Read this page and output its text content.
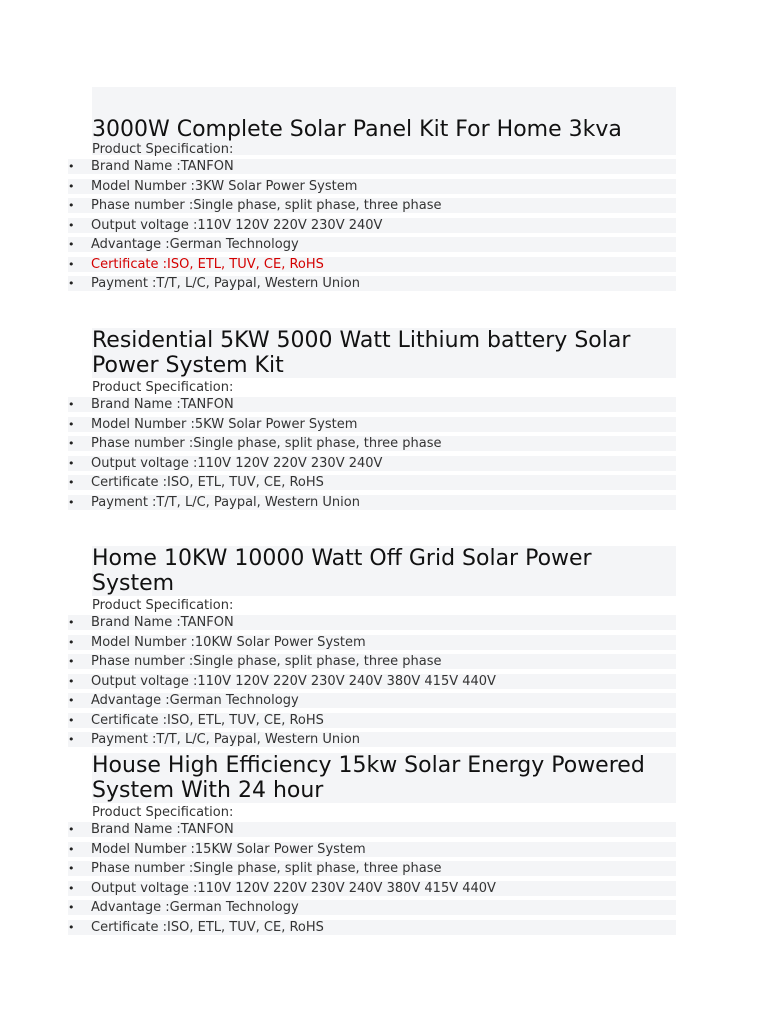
3000W Complete Solar Panel Kit For Home 3kva
Product Specification:
•	Brand Name :TANFON
•	Model Number :3KW Solar Power System
•	Phase number :Single phase, split phase, three phase
•	Output voltage :110V 120V 220V 230V 240V
•	Advantage :German Technology
•	Certificate :ISO, ETL, TUV, CE, RoHS
•	Payment :T/T, L/C, Paypal, Western Union
Residential 5KW 5000 Watt Lithium battery Solar Power System Kit
Product Specification:
•	Brand Name :TANFON
•	Model Number :5KW Solar Power System
•	Phase number :Single phase, split phase, three phase
•	Output voltage :110V 120V 220V 230V 240V
•	Certificate :ISO, ETL, TUV, CE, RoHS
•	Payment :T/T, L/C, Paypal, Western Union
Home 10KW 10000 Watt Off Grid Solar Power System
Product Specification:
•	Brand Name :TANFON
•	Model Number :10KW Solar Power System
•	Phase number :Single phase, split phase, three phase
•	Output voltage :110V 120V 220V 230V 240V 380V 415V 440V
•	Advantage :German Technology
•	Certificate :ISO, ETL, TUV, CE, RoHS
•	Payment :T/T, L/C, Paypal, Western Union
House High Efficiency 15kw Solar Energy Powered System With 24 hour
Product Specification:
•	Brand Name :TANFON
•	Model Number :15KW Solar Power System
•	Phase number :Single phase, split phase, three phase
•	Output voltage :110V 120V 220V 230V 240V 380V 415V 440V
•	Advantage :German Technology
•	Certificate :ISO, ETL, TUV, CE, RoHS
